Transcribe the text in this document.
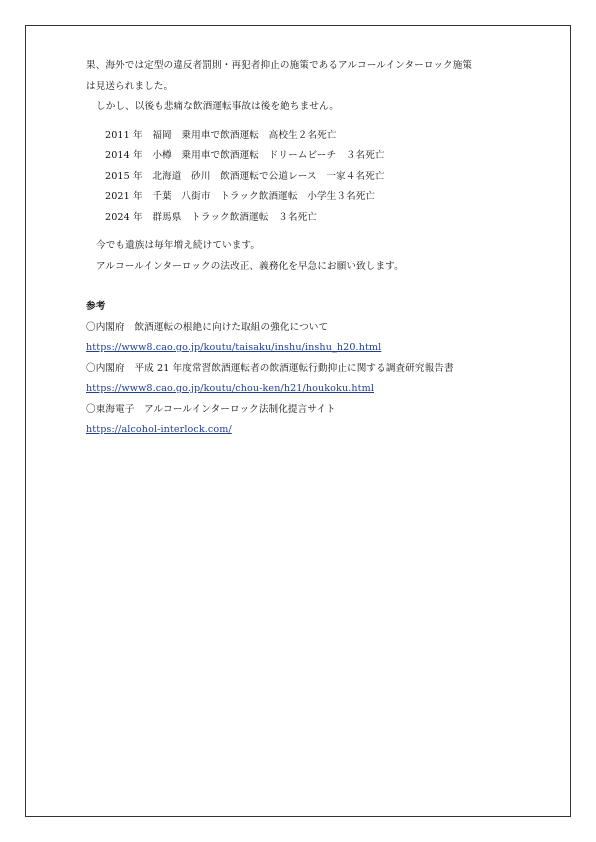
果、海外では定型の違反者罰則・再犯者抑止の施策であるアルコールインターロック施策
は見送られました。
しかし、以後も悲痛な飲酒運転事故は後を絶ちません。
2011 年　福岡　乗用車で飲酒運転　高校生２名死亡
2014 年　小樽　乗用車で飲酒運転　ドリームビーチ　３名死亡
2015 年　北海道　砂川　飲酒運転で公道レース　一家４名死亡
2021 年　千葉　八街市　トラック飲酒運転　小学生３名死亡
2024 年　群馬県　トラック飲酒運転　３名死亡
今でも遺族は毎年増え続けています。
アルコールインターロックの法改正、義務化を早急にお願い致します。
参考
〇内閣府　飲酒運転の根絶に向けた取組の強化について
https://www8.cao.go.jp/koutu/taisaku/inshu/inshu_h20.html
〇内閣府　平成 21 年度常習飲酒運転者の飲酒運転行動抑止に関する調査研究報告書
https://www8.cao.go.jp/koutu/chou-ken/h21/houkoku.html
〇東海電子　アルコールインターロック法制化提言サイト
https://alcohol-interlock.com/
